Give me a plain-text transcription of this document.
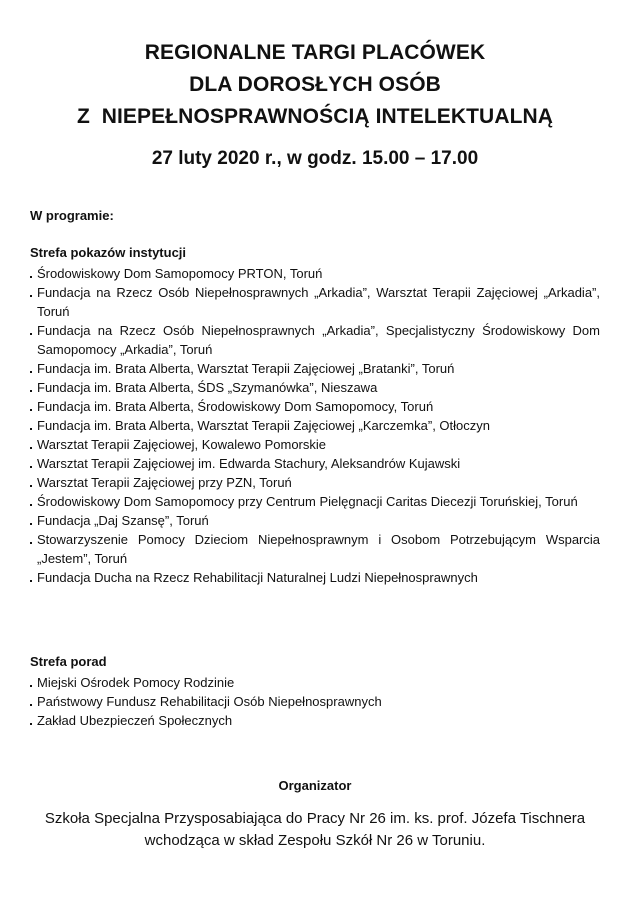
REGIONALNE TARGI PLACÓWEK
DLA DOROSŁYCH OSÓB
Z  NIEPEŁNOSPRAWNOŚCIĄ INTELEKTUALNĄ
27 luty 2020 r., w godz. 15.00 – 17.00
W programie:
Strefa pokazów instytucji
Środowiskowy Dom Samopomocy PRTON, Toruń
Fundacja na Rzecz Osób Niepełnosprawnych „Arkadia”, Warsztat Terapii Zajęciowej „Arkadia”, Toruń
Fundacja na Rzecz Osób Niepełnosprawnych „Arkadia”, Specjalistyczny Środowiskowy Dom Samopomocy „Arkadia”, Toruń
Fundacja im. Brata Alberta, Warsztat Terapii Zajęciowej „Bratanki”, Toruń
Fundacja im. Brata Alberta, ŚDS „Szymanówka”, Nieszawa
Fundacja im. Brata Alberta, Środowiskowy Dom Samopomocy, Toruń
Fundacja im. Brata Alberta, Warsztat Terapii Zajęciowej „Karczemka”, Otłoczyn
Warsztat Terapii Zajęciowej, Kowalewo Pomorskie
Warsztat Terapii Zajęciowej im. Edwarda Stachury, Aleksandrów Kujawski
Warsztat Terapii Zajęciowej przy PZN, Toruń
Środowiskowy Dom Samopomocy przy Centrum Pielęgnacji Caritas Diecezji Toruńskiej, Toruń
Fundacja „Daj Szansę”, Toruń
Stowarzyszenie Pomocy Dzieciom Niepełnosprawnym i Osobom Potrzebującym Wsparcia „Jestem”, Toruń
Fundacja Ducha na Rzecz Rehabilitacji Naturalnej Ludzi Niepełnosprawnych
Strefa porad
Miejski Ośrodek Pomocy Rodzinie
Państwowy Fundusz Rehabilitacji Osób Niepełnosprawnych
Zakład Ubezpieczeń Społecznych
Organizator
Szkoła Specjalna Przysposabiająca do Pracy Nr 26 im. ks. prof. Józefa Tischnera
wchodząca w skład Zespołu Szkół Nr 26 w Toruniu.
